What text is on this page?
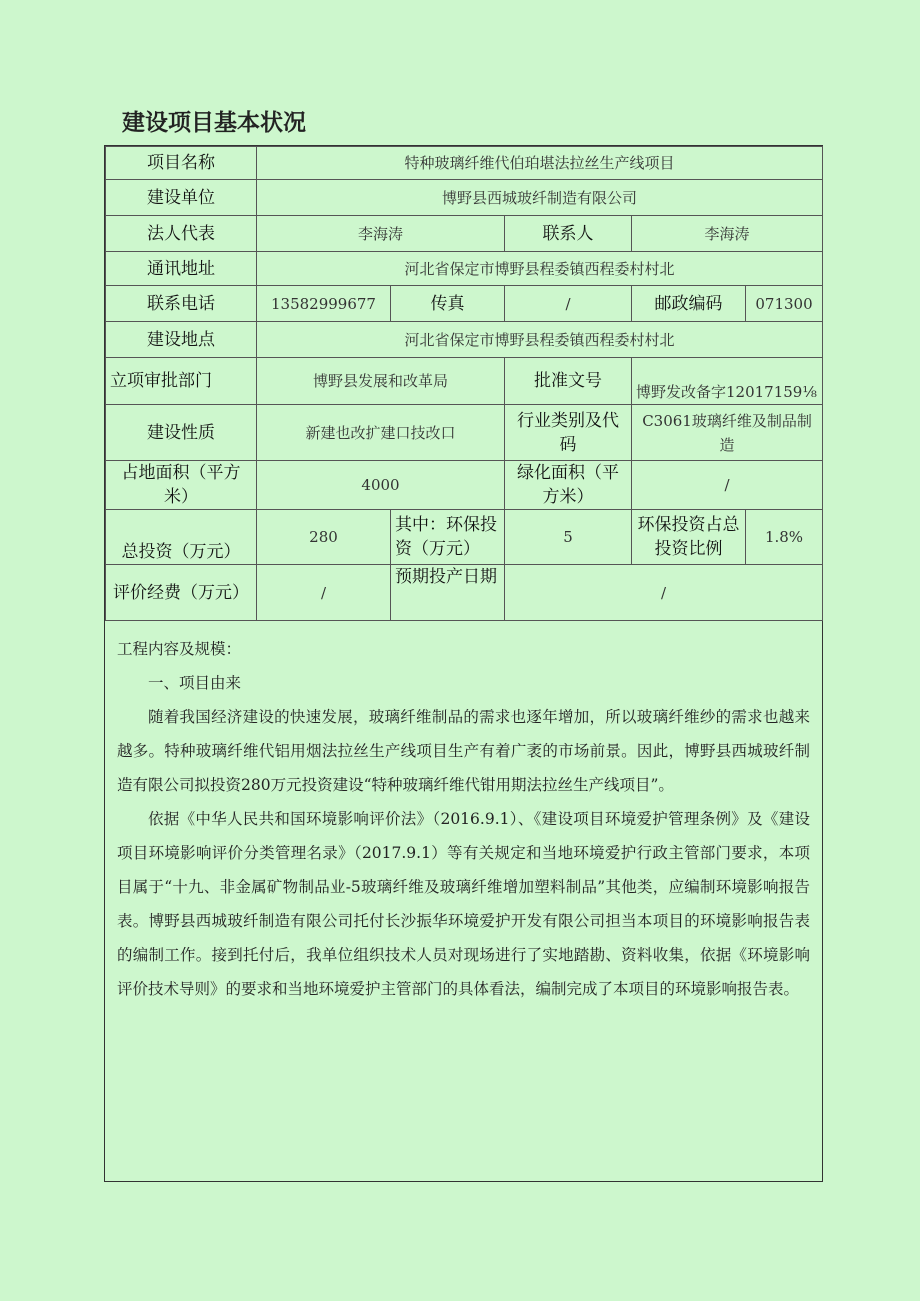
建设项目基本状况
项目名称	特种玻璃纤维代伯珀堪法拉丝生产线项目				
建设单位	博野县西城玻纤制造有限公司				
法人代表	李海涛		联系人	李海涛	
通讯地址	河北省保定市博野县程委镇西程委村村北				
联系电话	13582999677	传真	/	邮政编码	071300
建设地点	河北省保定市博野县程委镇西程委村村北				
立项审批部门	博野县发展和改革局		批准文号	博野发改备字12017159⅛	
建设性质	新建也改扩建口技改口		行业类别及代码	C3061玻璃纤维及制品制造	
占地面积（平方米）	4000		绿化面积（平方米）	/	
总投资（万元）	280	其中：环保投资（万元）	5	环保投资占总投资比例	1.8%
评价经费（万元）	/	预期投产日期	/		

工程内容及规模：

一、项目由来

随着我国经济建设的快速发展，玻璃纤维制品的需求也逐年增加，所以玻璃纤维纱的需求也越来越多。特种玻璃纤维代铝用烟法拉丝生产线项目生产有着广袤的市场前景。因此，博野县西城玻纤制造有限公司拟投资280万元投资建设“特种玻璃纤维代钳用期法拉丝生产线项目”。

依据《中华人民共和国环境影响评价法》（2016.9.1）、《建设项目环境爱护管理条例》及《建设项目环境影响评价分类管理名录》（2017.9.1）等有关规定和当地环境爱护行政主管部门要求，本项目属于“十九、非金属矿物制品业-5玻璃纤维及玻璃纤维增加塑料制品”其他类，应编制环境影响报告表。博野县西城玻纤制造有限公司托付长沙振华环境爱护开发有限公司担当本项目的环境影响报告表的编制工作。接到托付后，我单位组织技术人员对现场进行了实地踏勘、资料收集，依据《环境影响评价技术导则》的要求和当地环境爱护主管部门的具体看法，编制完成了本项目的环境影响报告表。
